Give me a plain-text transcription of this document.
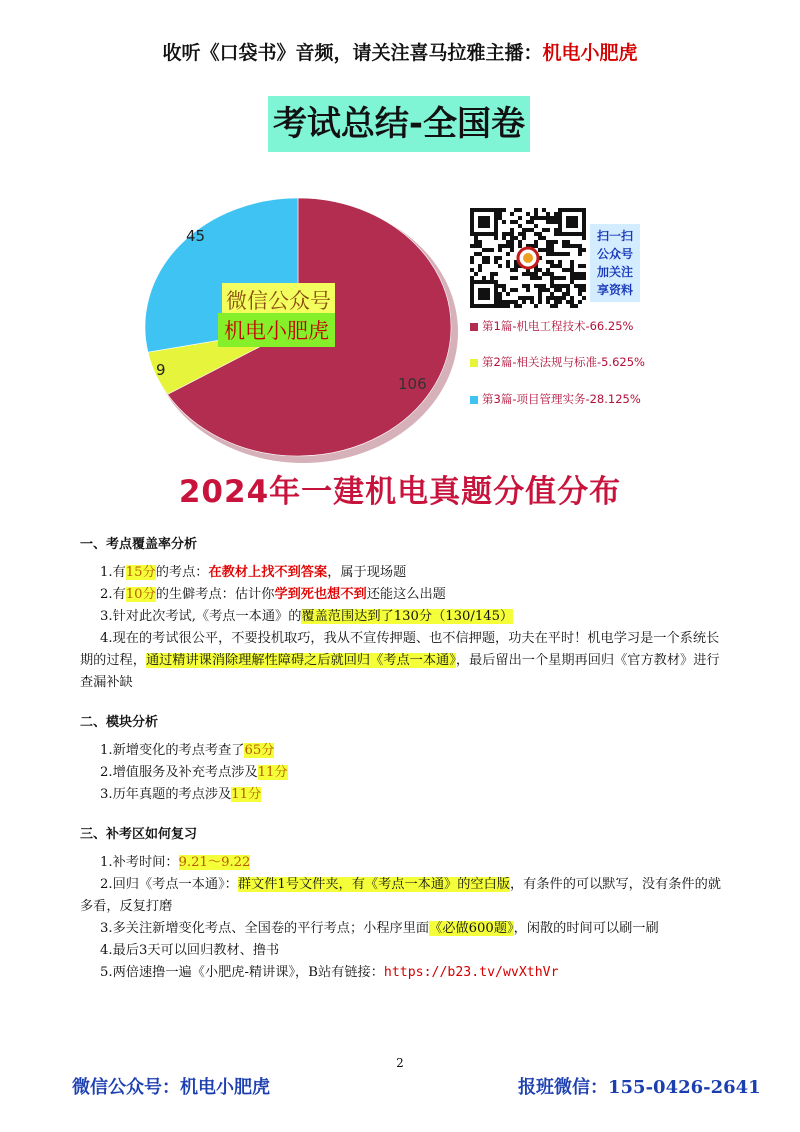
收听《口袋书》音频，请关注喜马拉雅主播：机电小肥虎
考试总结-全国卷
106
9
45
微信公众号
机电小肥虎
扫一扫
公众号
加关注
享资料
第1篇-机电工程技术-66.25%
第2篇-相关法规与标准-5.625%
第3篇-项目管理实务-28.125%
2024年一建机电真题分值分布
一、考点覆盖率分析

1.有15分的考点：在教材上找不到答案，属于现场题

2.有10分的生僻考点：估计你学到死也想不到还能这么出题

3.针对此次考试,《考点一本通》的覆盖范围达到了130分（130/145）

4.现在的考试很公平，不要投机取巧，我从不宣传押题、也不信押题，功夫在平时！机电学习是一个系统长期的过程，通过精讲课消除理解性障碍之后就回归《考点一本通》，最后留出一个星期再回归《官方教材》进行查漏补缺

二、模块分析

1.新增变化的考点考查了65分

2.增值服务及补充考点涉及11分

3.历年真题的考点涉及11分

三、补考区如何复习

1.补考时间：9.21～9.22

2.回归《考点一本通》：群文件1号文件夹，有《考点一本通》的空白版，有条件的可以默写，没有条件的就多看，反复打磨

3.多关注新增变化考点、全国卷的平行考点；小程序里面《必做600题》，闲散的时间可以刷一刷

4.最后3天可以回归教材、撸书

5.两倍速撸一遍《小肥虎-精讲课》，B站有链接：https://b23.tv/wvXthVr

2
微信公众号：机电小肥虎	报班微信：155-0426-2641
